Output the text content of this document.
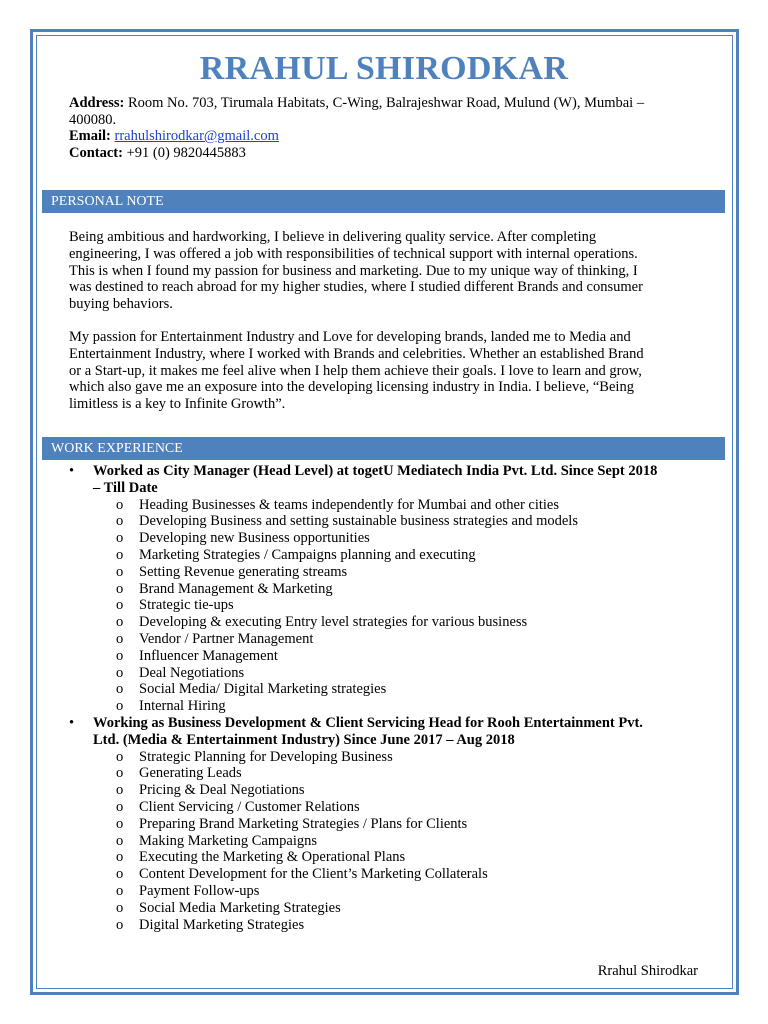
RRAHUL SHIRODKAR
Address: Room No. 703, Tirumala Habitats, C-Wing, Balrajeshwar Road, Mulund (W), Mumbai –
400080.
Email: rrahulshirodkar@gmail.com
Contact: +91 (0) 9820445883
PERSONAL NOTE
Being ambitious and hardworking, I believe in delivering quality service. After completing
engineering, I was offered a job with responsibilities of technical support with internal operations.
This is when I found my passion for business and marketing. Due to my unique way of thinking, I
was destined to reach abroad for my higher studies, where I studied different Brands and consumer
buying behaviors.
My passion for Entertainment Industry and Love for developing brands, landed me to Media and
Entertainment Industry, where I worked with Brands and celebrities. Whether an established Brand
or a Start-up, it makes me feel alive when I help them achieve their goals. I love to learn and grow,
which also gave me an exposure into the developing licensing industry in India. I believe, “Being
limitless is a key to Infinite Growth”.
WORK EXPERIENCE
• Worked as City Manager (Head Level) at togetU Mediatech India Pvt. Ltd. Since Sept 2018
– Till Date
o Heading Businesses & teams independently for Mumbai and other cities
o Developing Business and setting sustainable business strategies and models
o Developing new Business opportunities
o Marketing Strategies / Campaigns planning and executing
o Setting Revenue generating streams
o Brand Management & Marketing
o Strategic tie-ups
o Developing & executing Entry level strategies for various business
o Vendor / Partner Management
o Influencer Management
o Deal Negotiations
o Social Media/ Digital Marketing strategies
o Internal Hiring
• Working as Business Development & Client Servicing Head for Rooh Entertainment Pvt.
Ltd. (Media & Entertainment Industry) Since June 2017 – Aug 2018
o Strategic Planning for Developing Business
o Generating Leads
o Pricing & Deal Negotiations
o Client Servicing / Customer Relations
o Preparing Brand Marketing Strategies / Plans for Clients
o Making Marketing Campaigns
o Executing the Marketing & Operational Plans
o Content Development for the Client’s Marketing Collaterals
o Payment Follow-ups
o Social Media Marketing Strategies
o Digital Marketing Strategies
Rrahul Shirodkar
